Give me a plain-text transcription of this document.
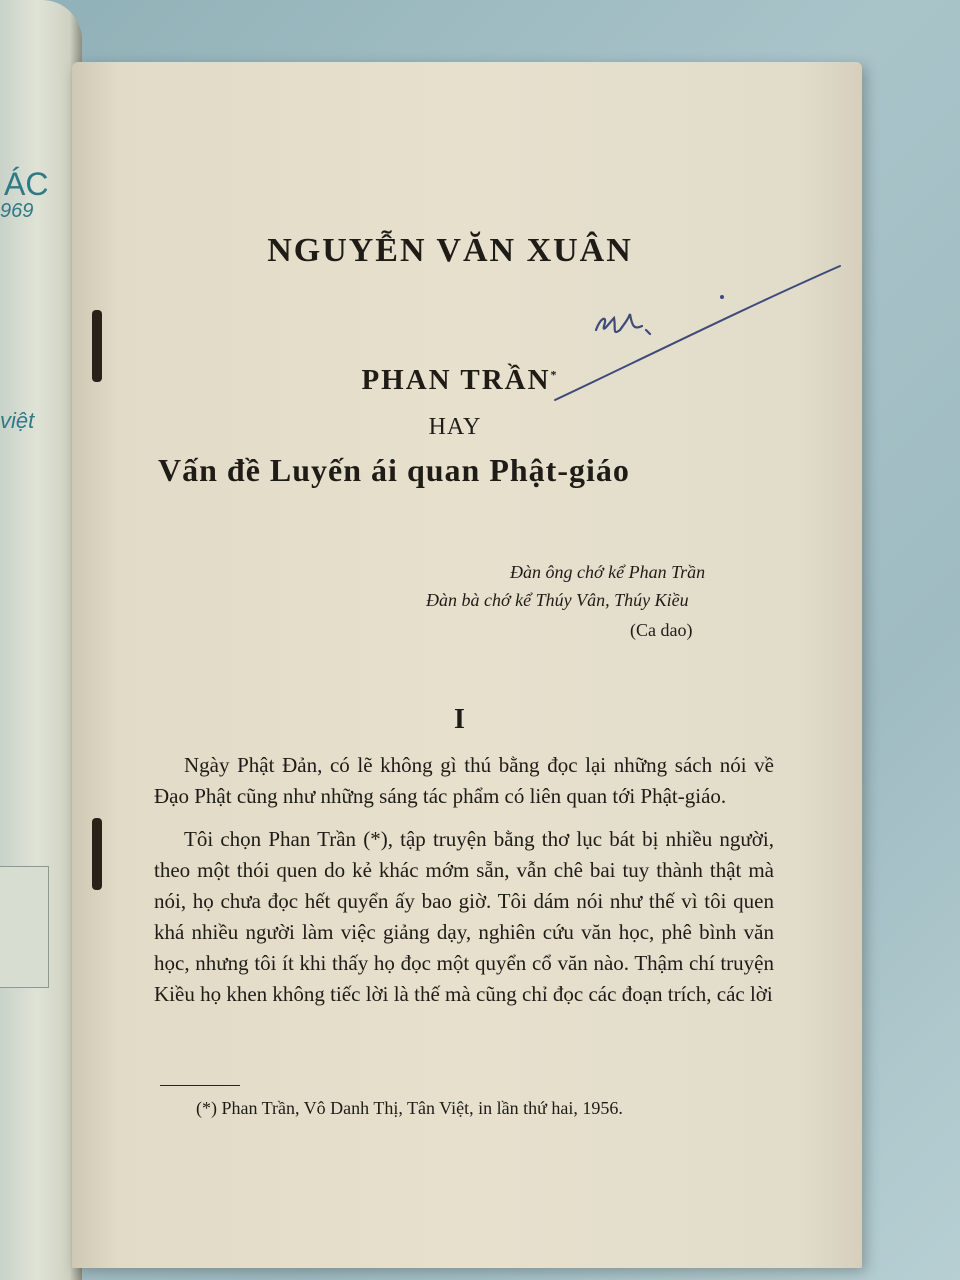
ÁC
969
việt
NGUYỄN VĂN XUÂN
PHAN TRẦN*
HAY
Vấn đề Luyến ái quan Phật-giáo
Đàn ông chớ kể Phan Trần
Đàn bà chớ kể Thúy Vân, Thúy Kiều
(Ca dao)
I

Ngày Phật Đản, có lẽ không gì thú bằng đọc lại những sách nói về Đạo Phật cũng như những sáng tác phẩm có liên quan tới Phật-giáo.

Tôi chọn Phan Trần (*), tập truyện bằng thơ lục bát bị nhiều người, theo một thói quen do kẻ khác mớm sẵn, vẫn chê bai tuy thành thật mà nói, họ chưa đọc hết quyển ấy bao giờ. Tôi dám nói như thế vì tôi quen khá nhiều người làm việc giảng dạy, nghiên cứu văn học, phê bình văn học, nhưng tôi ít khi thấy họ đọc một quyển cổ văn nào. Thậm chí truyện Kiều họ khen không tiếc lời là thế mà cũng chỉ đọc các đoạn trích, các lời

(*) Phan Trần, Vô Danh Thị, Tân Việt, in lần thứ hai, 1956.
